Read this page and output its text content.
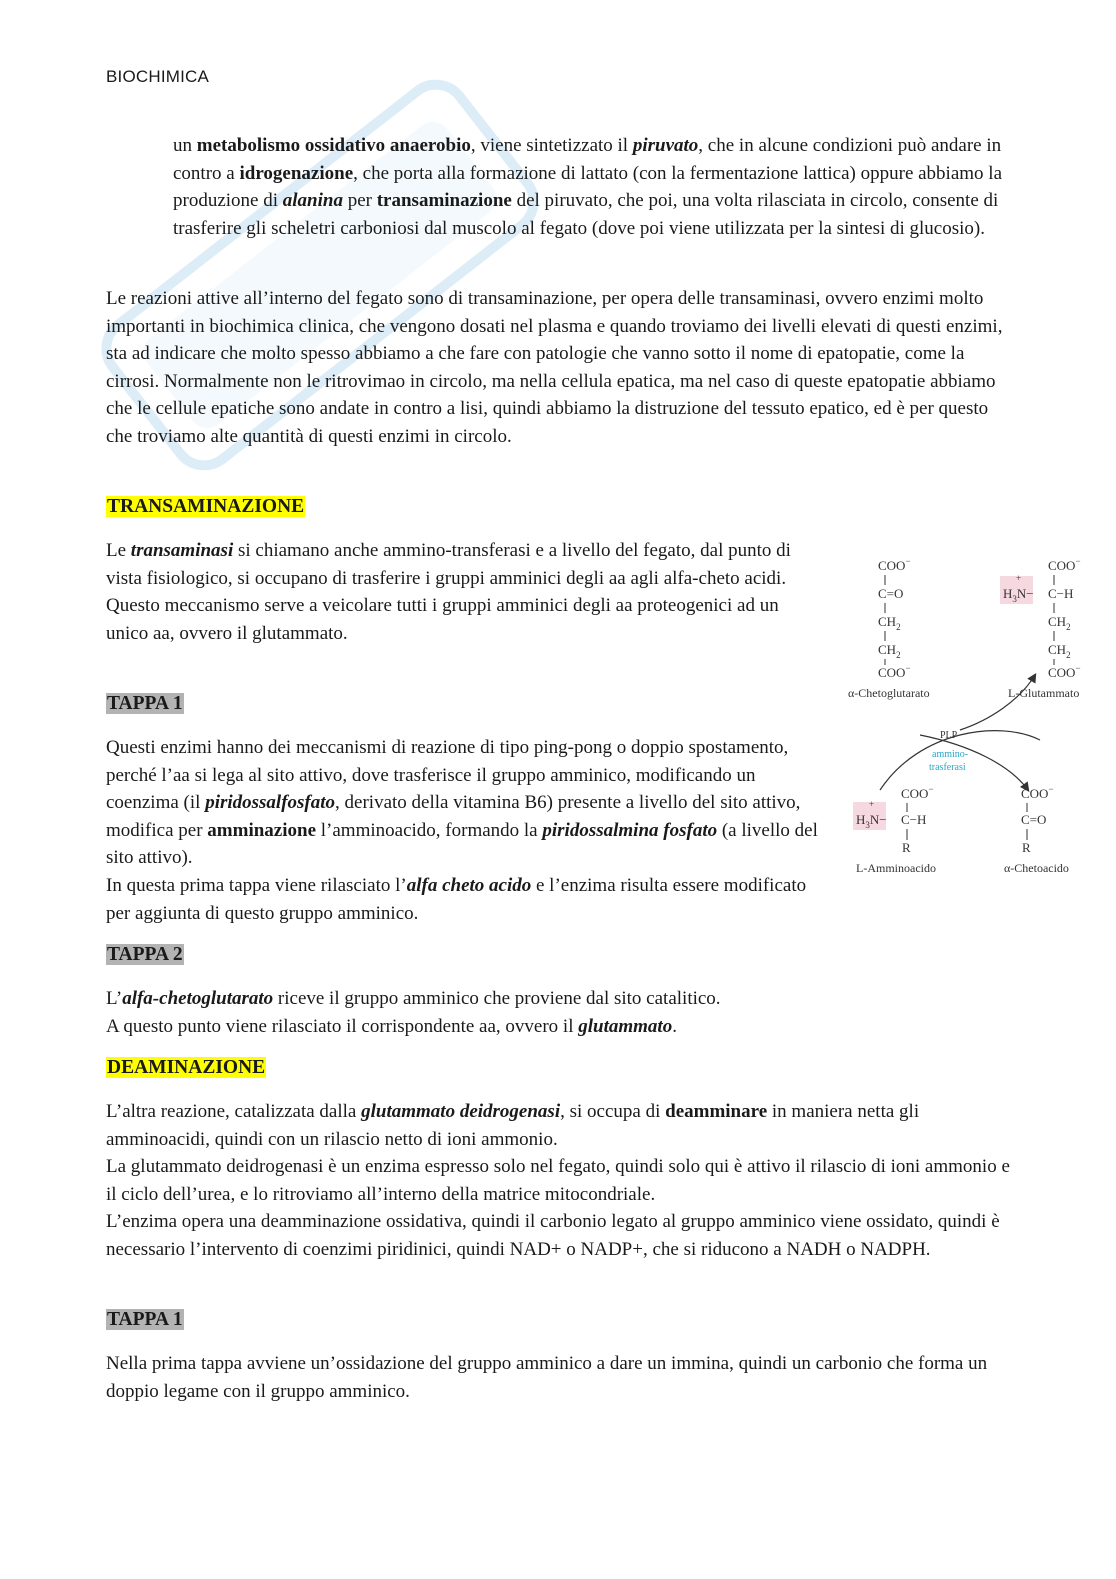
BIOCHIMICA

un metabolismo ossidativo anaerobio, viene sintetizzato il piruvato, che in alcune condizioni può andare in contro a idrogenazione, che porta alla formazione di lattato (con la fermentazione lattica) oppure abbiamo la produzione di alanina per transaminazione del piruvato, che poi, una volta rilasciata in circolo, consente di trasferire gli scheletri carboniosi dal muscolo al fegato (dove poi viene utilizzata per la sintesi di glucosio).

Le reazioni attive all’interno del fegato sono di transaminazione, per opera delle transaminasi, ovvero enzimi molto importanti in biochimica clinica, che vengono dosati nel plasma e quando troviamo dei livelli elevati di questi enzimi, sta ad indicare che molto spesso abbiamo a che fare con patologie che vanno sotto il nome di epatopatie, come la cirrosi. Normalmente non le ritrovimao in circolo, ma nella cellula epatica, ma nel caso di queste epatopatie abbiamo che le cellule epatiche sono andate in contro a lisi, quindi abbiamo la distruzione del tessuto epatico, ed è per questo che troviamo alte quantità di questi enzimi in circolo.

TRANSAMINAZIONE

Le transaminasi si chiamano anche ammino-transferasi e a livello del fegato, dal punto di vista fisiologico, si occupano di trasferire i gruppi amminici degli aa agli alfa-cheto acidi.
Questo meccanismo serve a veicolare tutti i gruppi amminici degli aa proteogenici ad un unico aa, ovvero il glutammato.

TAPPA 1

Questi enzimi hanno dei meccanismi di reazione di tipo ping-pong o doppio spostamento, perché l’aa si lega al sito attivo, dove trasferisce il gruppo amminico, modificando un coenzima (il piridossalfosfato, derivato della vitamina B6) presente a livello del sito attivo, modifica per amminazione l’amminoacido, formando la piridossalmina fosfato (a livello del sito attivo).
In questa prima tappa viene rilasciato l’alfa cheto acido e l’enzima risulta essere modificato per aggiunta di questo gruppo amminico.

TAPPA 2

L’alfa-chetoglutarato riceve il gruppo amminico che proviene dal sito catalitico.
A questo punto viene rilasciato il corrispondente aa, ovvero il glutammato.

DEAMINAZIONE

L’altra reazione, catalizzata dalla glutammato deidrogenasi, si occupa di deamminare in maniera netta gli amminoacidi, quindi con un rilascio netto di ioni ammonio.
La glutammato deidrogenasi è un enzima espresso solo nel fegato, quindi solo qui è attivo il rilascio di ioni ammonio e il ciclo dell’urea, e lo ritroviamo all’interno della matrice mitocondriale.
L’enzima opera una deamminazione ossidativa, quindi il carbonio legato al gruppo amminico viene ossidato, quindi è necessario l’intervento di coenzimi piridinici, quindi NAD+ o NADP+, che si riducono a NADH o NADPH.

TAPPA 1

Nella prima tappa avviene un’ossidazione del gruppo amminico a dare un immina, quindi un carbonio che forma un doppio legame con il gruppo amminico.

COO−
C=O
$CH_2$
$CH_2$
COO−
α-Chetoglutarato
+
$H_3N-$
COO−
C−H
$CH_2$
$CH_2$
COO−
L-Glutammato
PLP
ammino-
trasferasi
+
$H_3N-$
COO−
C−H
R
L-Amminoacido
COO−
C=O
R
α-Chetoacido
